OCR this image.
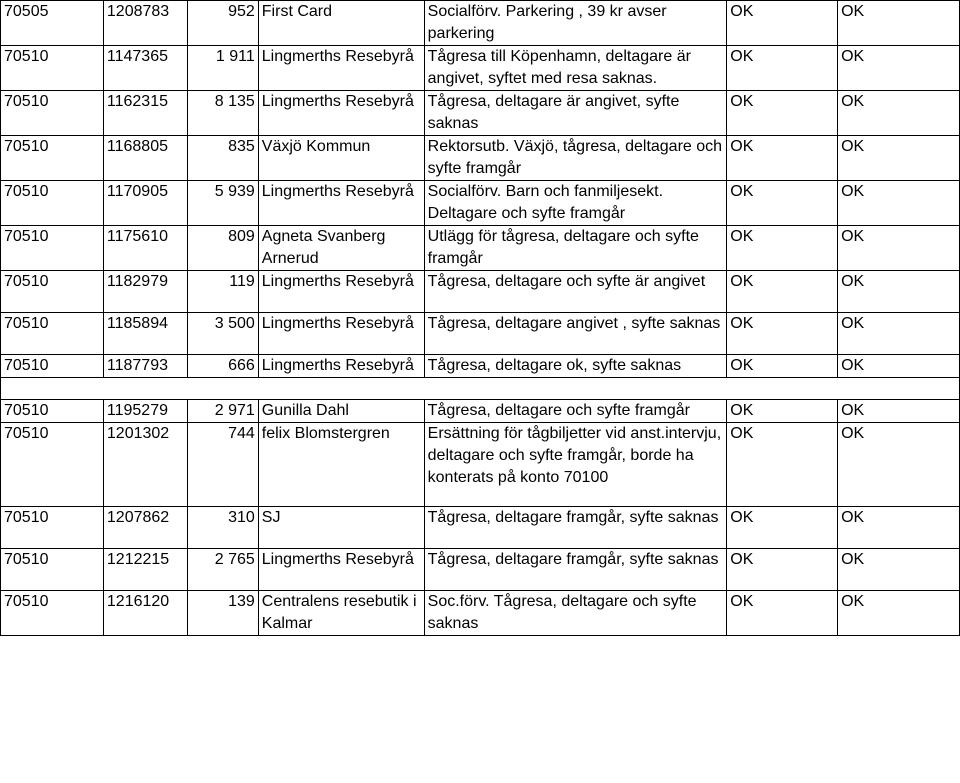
70505	1208783	952	First Card	Socialförv. Parkering , 39 kr avser parkering	OK	OK
70510	1147365	1 911	Lingmerths Resebyrå	Tågresa till Köpenhamn, deltagare är angivet, syftet med resa saknas.	OK	OK
70510	1162315	8 135	Lingmerths Resebyrå	Tågresa, deltagare är angivet, syfte saknas	OK	OK
70510	1168805	835	Växjö Kommun	Rektorsutb. Växjö, tågresa, deltagare och syfte framgår	OK	OK
70510	1170905	5 939	Lingmerths Resebyrå	Socialförv. Barn och fanmiljesekt. Deltagare och syfte framgår	OK	OK
70510	1175610	809	Agneta Svanberg Arnerud	Utlägg för tågresa, deltagare och syfte framgår	OK	OK
70510	1182979	119	Lingmerths Resebyrå	Tågresa, deltagare och syfte är angivet	OK	OK
70510	1185894	3 500	Lingmerths Resebyrå	Tågresa, deltagare angivet , syfte saknas	OK	OK
70510	1187793	666	Lingmerths Resebyrå	Tågresa, deltagare ok, syfte saknas	OK	OK

70510	1195279	2 971	Gunilla Dahl	Tågresa, deltagare och syfte framgår	OK	OK
70510	1201302	744	felix Blomstergren	Ersättning för tågbiljetter vid anst.intervju, deltagare och syfte framgår, borde ha konterats på konto 70100	OK	OK
70510	1207862	310	SJ	Tågresa, deltagare framgår, syfte saknas	OK	OK
70510	1212215	2 765	Lingmerths Resebyrå	Tågresa, deltagare framgår, syfte saknas	OK	OK
70510	1216120	139	Centralens resebutik i Kalmar	Soc.förv. Tågresa, deltagare och syfte saknas	OK	OK
